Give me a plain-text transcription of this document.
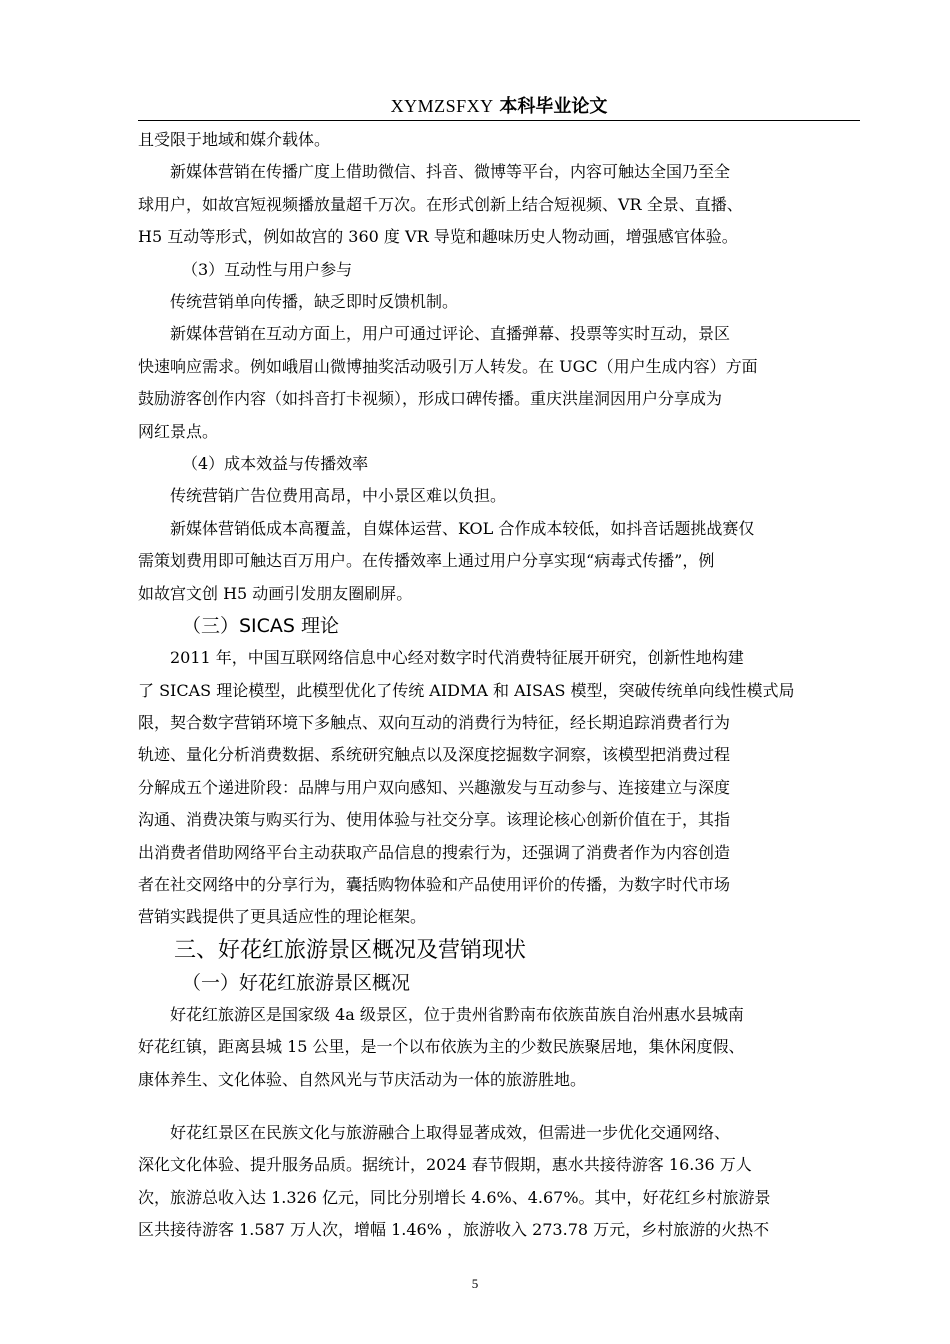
XYMZSFXY 本科毕业论文

且受限于地域和媒介载体。

新媒体营销在传播广度上借助微信、抖音、微博等平台，内容可触达全国乃至全

球用户，如故宫短视频播放量超千万次。在形式创新上结合短视频、VR 全景、直播、
H5 互动等形式，例如故宫的 360 度 VR 导览和趣味历史人物动画，增强感官体验。

（3）互动性与用户参与

传统营销单向传播，缺乏即时反馈机制。

新媒体营销在互动方面上，用户可通过评论、直播弹幕、投票等实时互动，景区

快速响应需求。例如峨眉山微博抽奖活动吸引万人转发。在 UGC（用户生成内容）方面
鼓励游客创作内容（如抖音打卡视频），形成口碑传播。重庆洪崖洞因用户分享成为
网红景点。

（4）成本效益与传播效率

传统营销广告位费用高昂，中小景区难以负担。

新媒体营销低成本高覆盖，自媒体运营、KOL 合作成本较低，如抖音话题挑战赛仅

需策划费用即可触达百万用户。在传播效率上通过用户分享实现“病毒式传播”，例
如故宫文创 H5 动画引发朋友圈刷屏。

（三）SICAS 理论

2011 年，中国互联网络信息中心经对数字时代消费特征展开研究，创新性地构建

了 SICAS 理论模型，此模型优化了传统 AIDMA 和 AISAS 模型，突破传统单向线性模式局
限，契合数字营销环境下多触点、双向互动的消费行为特征，经长期追踪消费者行为
轨迹、量化分析消费数据、系统研究触点以及深度挖掘数字洞察，该模型把消费过程
分解成五个递进阶段：品牌与用户双向感知、兴趣激发与互动参与、连接建立与深度
沟通、消费决策与购买行为、使用体验与社交分享。该理论核心创新价值在于，其指
出消费者借助网络平台主动获取产品信息的搜索行为，还强调了消费者作为内容创造
者在社交网络中的分享行为，囊括购物体验和产品使用评价的传播，为数字时代市场
营销实践提供了更具适应性的理论框架。

三、好花红旅游景区概况及营销现状
（一）好花红旅游景区概况

好花红旅游区是国家级 4a 级景区，位于贵州省黔南布依族苗族自治州惠水县城南

好花红镇，距离县城 15 公里，是一个以布依族为主的少数民族聚居地，集休闲度假、
康体养生、文化体验、自然风光与节庆活动为一体的旅游胜地。

好花红景区在民族文化与旅游融合上取得显著成效，但需进一步优化交通网络、

深化文化体验、提升服务品质。据统计，2024 春节假期，惠水共接待游客 16.36 万人
次，旅游总收入达 1.326 亿元，同比分别增长 4.6%、4.67%。其中，好花红乡村旅游景
区共接待游客 1.587 万人次，增幅 1.46% ，旅游收入 273.78 万元，乡村旅游的火热不

5
